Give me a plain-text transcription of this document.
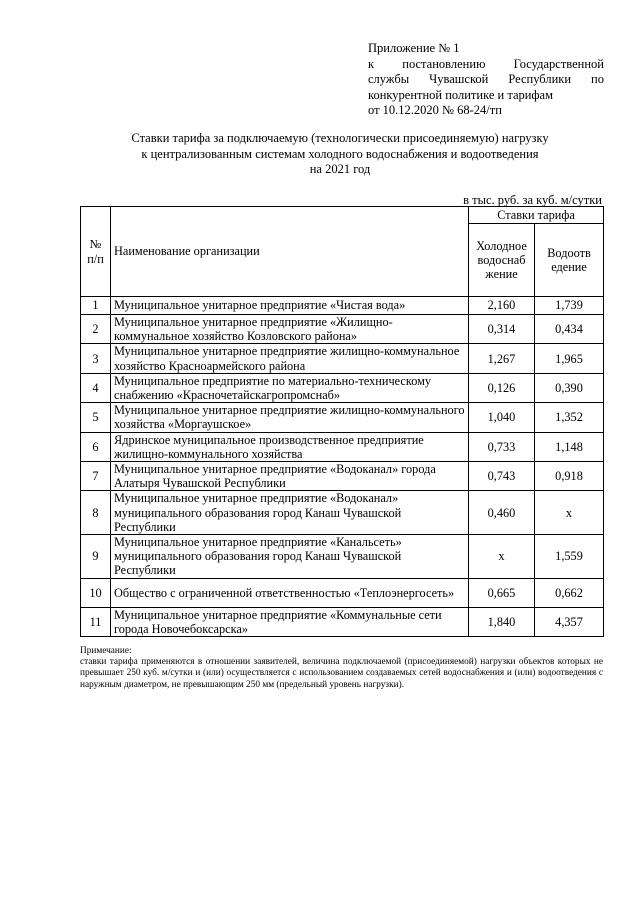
Приложение № 1
к постановлению Государственной
службы Чувашской Республики по
конкурентной политике и тарифам
от 10.12.2020 № 68-24/тп
Ставки тарифа за подключаемую (технологически присоединяемую) нагрузку
к централизованным системам холодного водоснабжения и водоотведения
на 2021 год
в тыс. руб. за куб. м/сутки
№ п/п	Наименование организации	Ставки тарифа	
		Холодное водоснаб жение	Водоотв едение
1	Муниципальное унитарное предприятие «Чистая вода»	2,160	1,739
2	Муниципальное унитарное предприятие «Жилищно-коммунальное хозяйство Козловского района»	0,314	0,434
3	Муниципальное унитарное предприятие жилищно-коммунальное хозяйство Красноармейского района	1,267	1,965
4	Муниципальное предприятие по материально-техническому снабжению «Красночетайскагропромснаб»	0,126	0,390
5	Муниципальное унитарное предприятие жилищно-коммунального хозяйства «Моргаушское»	1,040	1,352
6	Ядринское муниципальное производственное предприятие жилищно-коммунального хозяйства	0,733	1,148
7	Муниципальное унитарное предприятие «Водоканал» города Алатыря Чувашской Республики	0,743	0,918
8	Муниципальное унитарное предприятие «Водоканал» муниципального образования город Канаш Чувашской Республики	0,460	х
9	Муниципальное унитарное предприятие «Канальсеть» муниципального образования город Канаш Чувашской Республики	х	1,559
10	Общество с ограниченной ответственностью «Теплоэнергосеть»	0,665	0,662
11	Муниципальное унитарное предприятие «Коммунальные сети города Новочебоксарска»	1,840	4,357
Примечание:
ставки тарифа применяются в отношении заявителей, величина подключаемой (присоединяемой) нагрузки объектов которых не превышает 250 куб. м/сутки и (или) осуществляется с использованием создаваемых сетей водоснабжения и (или) водоотведения с наружным диаметром, не превышающим 250 мм (предельный уровень нагрузки).
